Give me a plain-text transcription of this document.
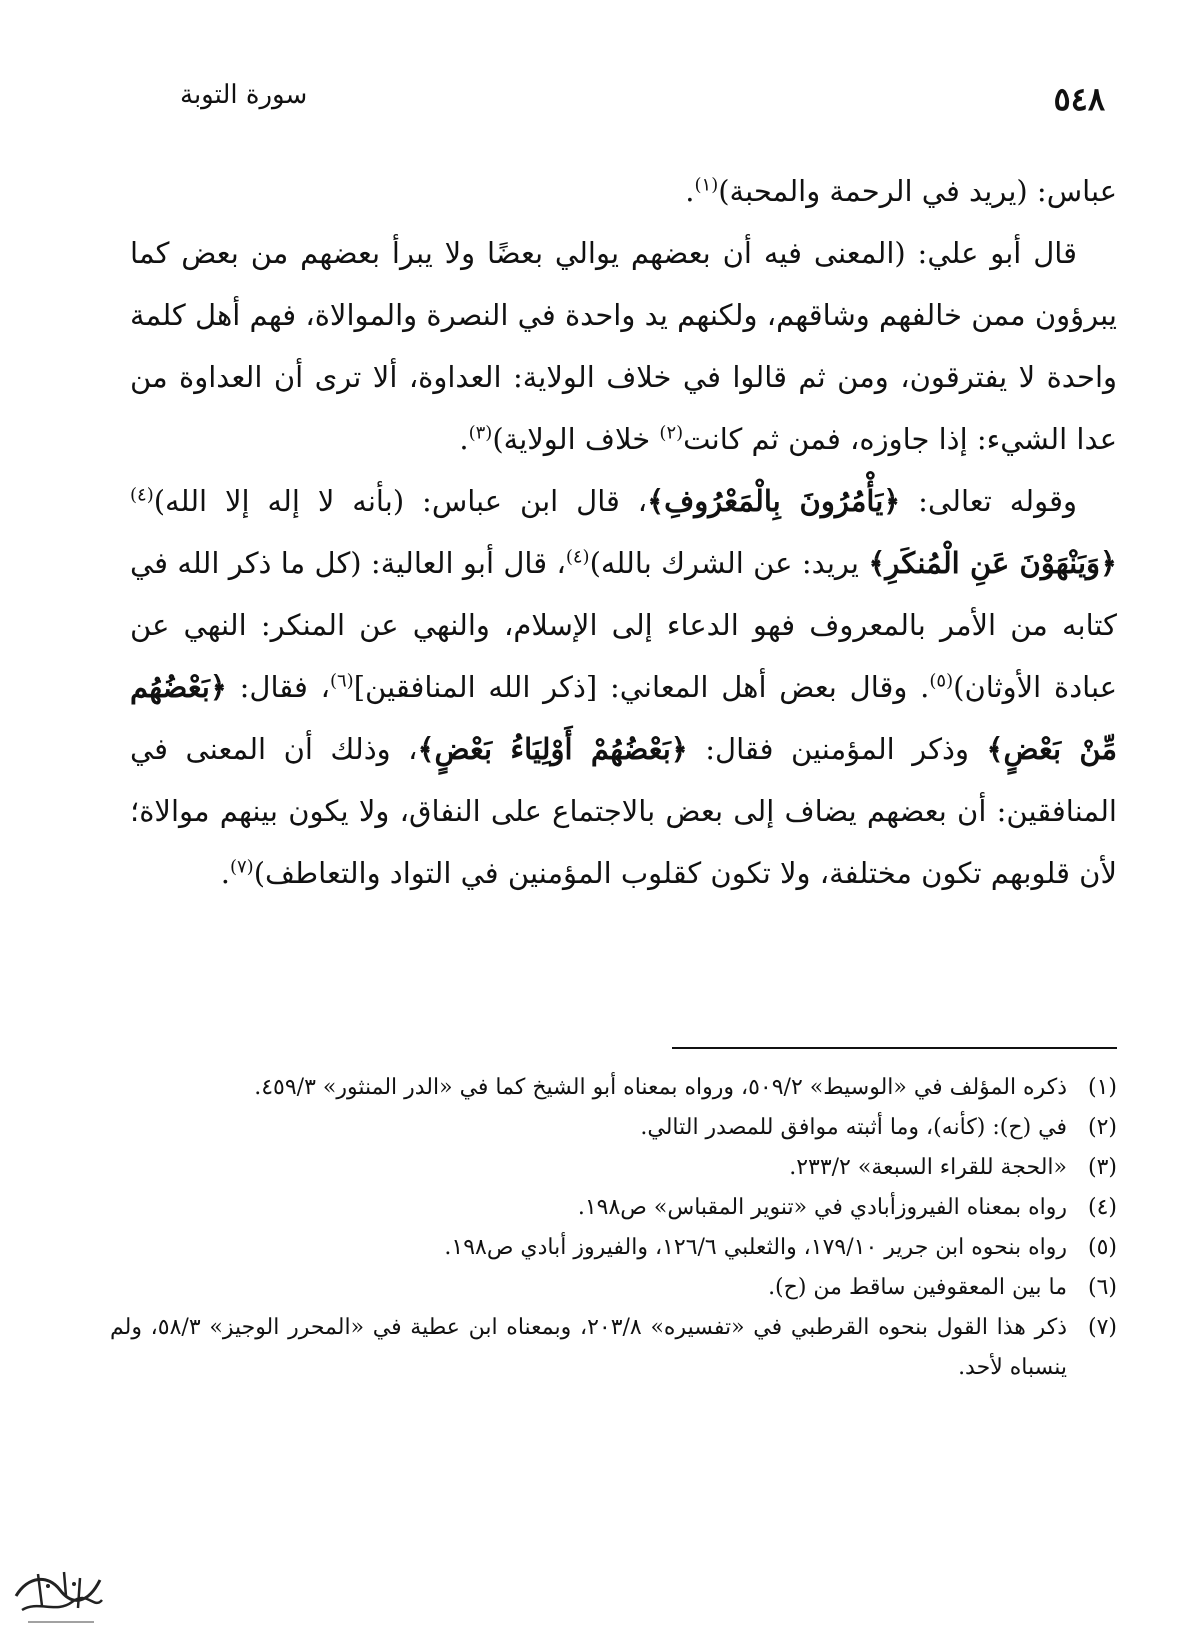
٥٤٨
سورة التوبة

عباس: (يريد في الرحمة والمحبة)$^{(١)}$.

قال أبو علي: (المعنى فيه أن بعضهم يوالي بعضًا ولا يبرأ بعضهم من بعض كما يبرؤون ممن خالفهم وشاقهم، ولكنهم يد واحدة في النصرة والموالاة، فهم أهل كلمة واحدة لا يفترقون، ومن ثم قالوا في خلاف الولاية: العداوة، ألا ترى أن العداوة من عدا الشيء: إذا جاوزه، فمن ثم كانت$^{(٢)}$ خلاف الولاية)$^{(٣)}$.

وقوله تعالى: ﴿يَأْمُرُونَ بِالْمَعْرُوفِ﴾، قال ابن عباس: (بأنه لا إله إلا الله)$^{(٤)}$ ﴿وَيَنْهَوْنَ عَنِ الْمُنكَرِ﴾ يريد: عن الشرك بالله)$^{(٤)}$، قال أبو العالية: (كل ما ذكر الله في كتابه من الأمر بالمعروف فهو الدعاء إلى الإسلام، والنهي عن المنكر: النهي عن عبادة الأوثان)$^{(٥)}$. وقال بعض أهل المعاني: [ذكر الله المنافقين]$^{(٦)}$، فقال: ﴿بَعْضُهُم مِّنْ بَعْضٍ﴾ وذكر المؤمنين فقال: ﴿بَعْضُهُمْ أَوْلِيَاءُ بَعْضٍ﴾، وذلك أن المعنى في المنافقين: أن بعضهم يضاف إلى بعض بالاجتماع على النفاق، ولا يكون بينهم موالاة؛ لأن قلوبهم تكون مختلفة، ولا تكون كقلوب المؤمنين في التواد والتعاطف)$^{(٧)}$.

(١)
ذكره المؤلف في «الوسيط» ٥٠٩/٢، ورواه بمعناه أبو الشيخ كما في «الدر المنثور» ٤٥٩/٣.
(٢)
في (ح): (كأنه)، وما أثبته موافق للمصدر التالي.
(٣)
«الحجة للقراء السبعة» ٢٣٣/٢.
(٤)
رواه بمعناه الفيروزأبادي في «تنوير المقباس» ص١٩٨.
(٥)
رواه بنحوه ابن جرير ١٧٩/١٠، والثعلبي ١٢٦/٦، والفيروز أبادي ص١٩٨.
(٦)
ما بين المعقوفين ساقط من (ح).
(٧)
ذكر هذا القول بنحوه القرطبي في «تفسيره» ٢٠٣/٨، وبمعناه ابن عطية في «المحرر الوجيز» ٥٨/٣، ولم ينسباه لأحد.
